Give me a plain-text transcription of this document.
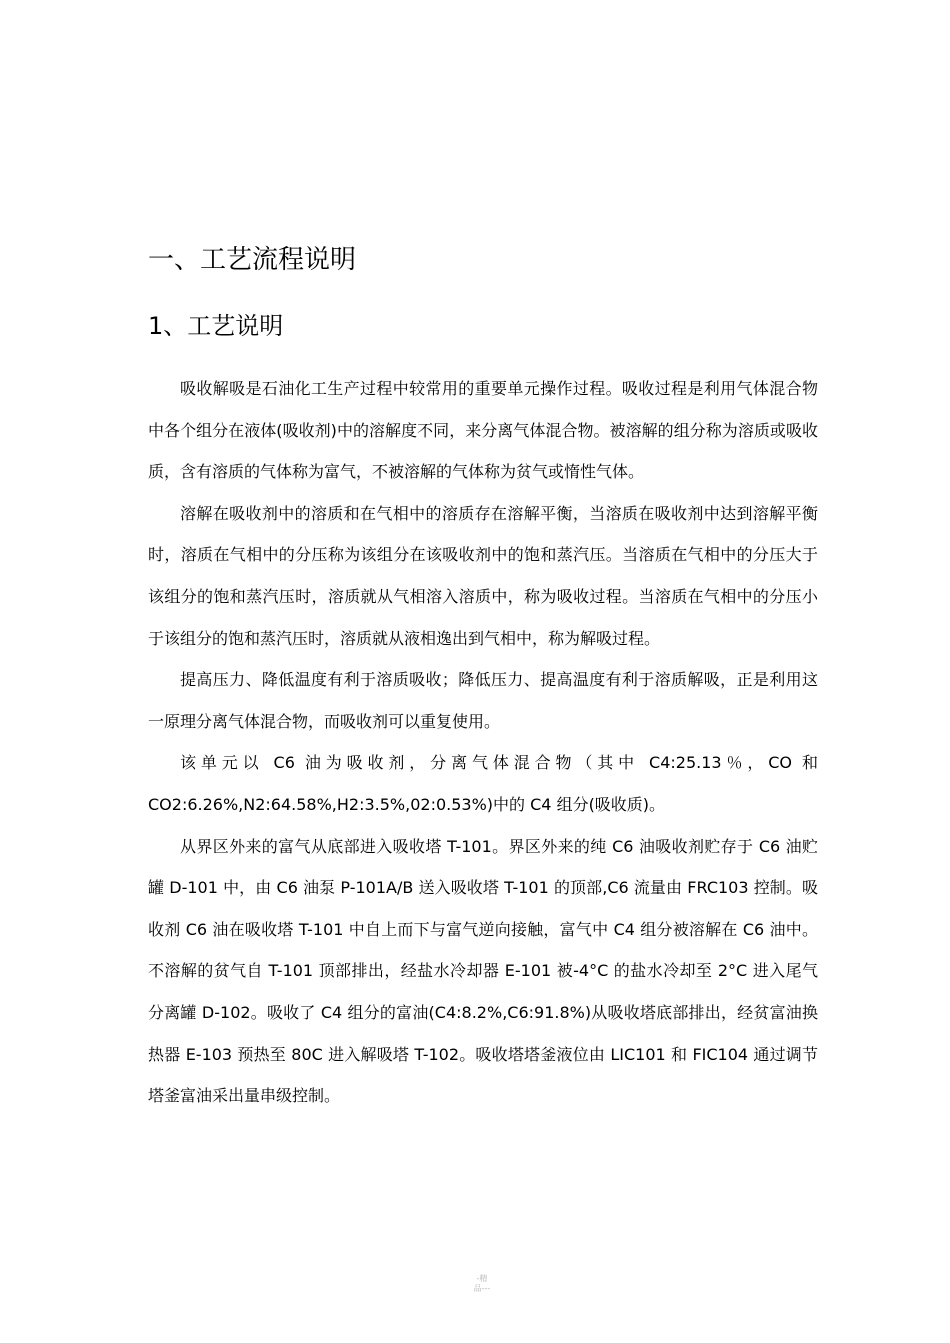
一、工艺流程说明
1、工艺说明

吸收解吸是石油化工生产过程中较常用的重要单元操作过程。吸收过程是利用气体混合物中各个组分在液体(吸收剂)中的溶解度不同，来分离气体混合物。被溶解的组分称为溶质或吸收质，含有溶质的气体称为富气，不被溶解的气体称为贫气或惰性气体。

溶解在吸收剂中的溶质和在气相中的溶质存在溶解平衡，当溶质在吸收剂中达到溶解平衡时，溶质在气相中的分压称为该组分在该吸收剂中的饱和蒸汽压。当溶质在气相中的分压大于该组分的饱和蒸汽压时，溶质就从气相溶入溶质中，称为吸收过程。当溶质在气相中的分压小于该组分的饱和蒸汽压时，溶质就从液相逸出到气相中，称为解吸过程。

提高压力、降低温度有利于溶质吸收；降低压力、提高温度有利于溶质解吸，正是利用这一原理分离气体混合物，而吸收剂可以重复使用。

该单元以 C6 油为吸收剂，分离气体混合物（其中 C4:25.13％，CO 和 CO2:6.26%,N2:64.58%,H2:3.5%,02:0.53%)中的 C4 组分(吸收质)。

从界区外来的富气从底部进入吸收塔 T-101。界区外来的纯 C6 油吸收剂贮存于 C6 油贮罐 D-101 中，由 C6 油泵 P-101A/B 送入吸收塔 T-101 的顶部,C6 流量由 FRC103 控制。吸收剂 C6 油在吸收塔 T-101 中自上而下与富气逆向接触，富气中 C4 组分被溶解在 C6 油中。不溶解的贫气自 T-101 顶部排出，经盐水冷却器 E-101 被-4°C 的盐水冷却至 2°C 进入尾气分离罐 D-102。吸收了 C4 组分的富油(C4:8.2%,C6:91.8%)从吸收塔底部排出，经贫富油换热器 E-103 预热至 80C 进入解吸塔 T-102。吸收塔塔釜液位由 LIC101 和 FIC104 通过调节塔釜富油采出量串级控制。

-精
品---
